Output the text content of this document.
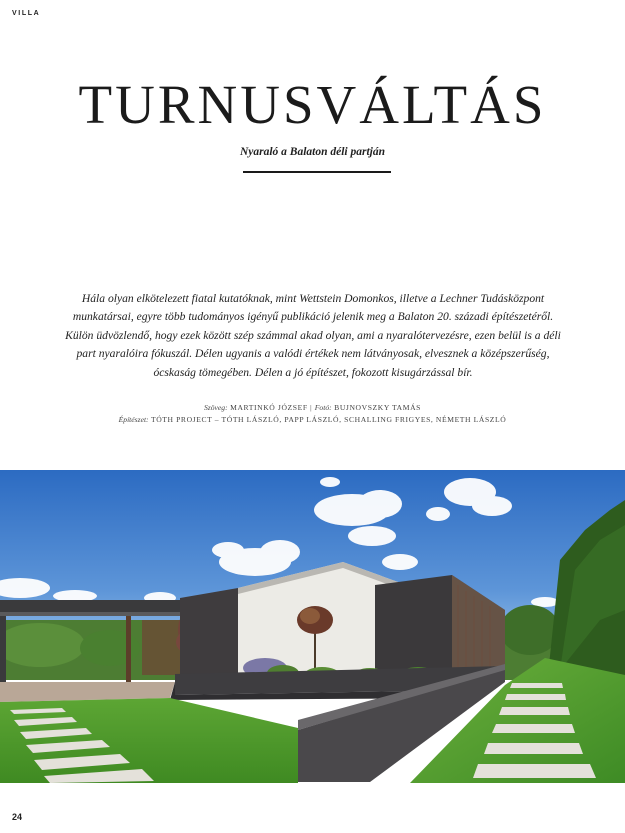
VILLA
TURNUSVÁLTÁS
Nyaraló a Balaton déli partján

Hála olyan elkötelezett fiatal kutatóknak, mint Wettstein Domonkos, illetve a Lechner Tudásközpont munkatársai, egyre több tudományos igényű publikáció jelenik meg a Balaton 20. századi építészetéről. Külön üdvözlendő, hogy ezek között szép számmal akad olyan, ami a nyaralótervezésre, ezen belül is a déli part nyaralóira fókuszál. Délen ugyanis a valódi értékek nem látványosak, elvesznek a középszerűség, ócskaság tömegében. Délen a jó építészet, fokozott kisugárzással bír.

Szöveg: MARTINKÓ JÓZSEF | Fotó: BUJNOVSZKY TAMÁS
Építészet: TÓTH PROJECT – TÓTH LÁSZLÓ, PAPP LÁSZLÓ, SCHALLING FRIGYES, NÉMETH LÁSZLÓ
24
